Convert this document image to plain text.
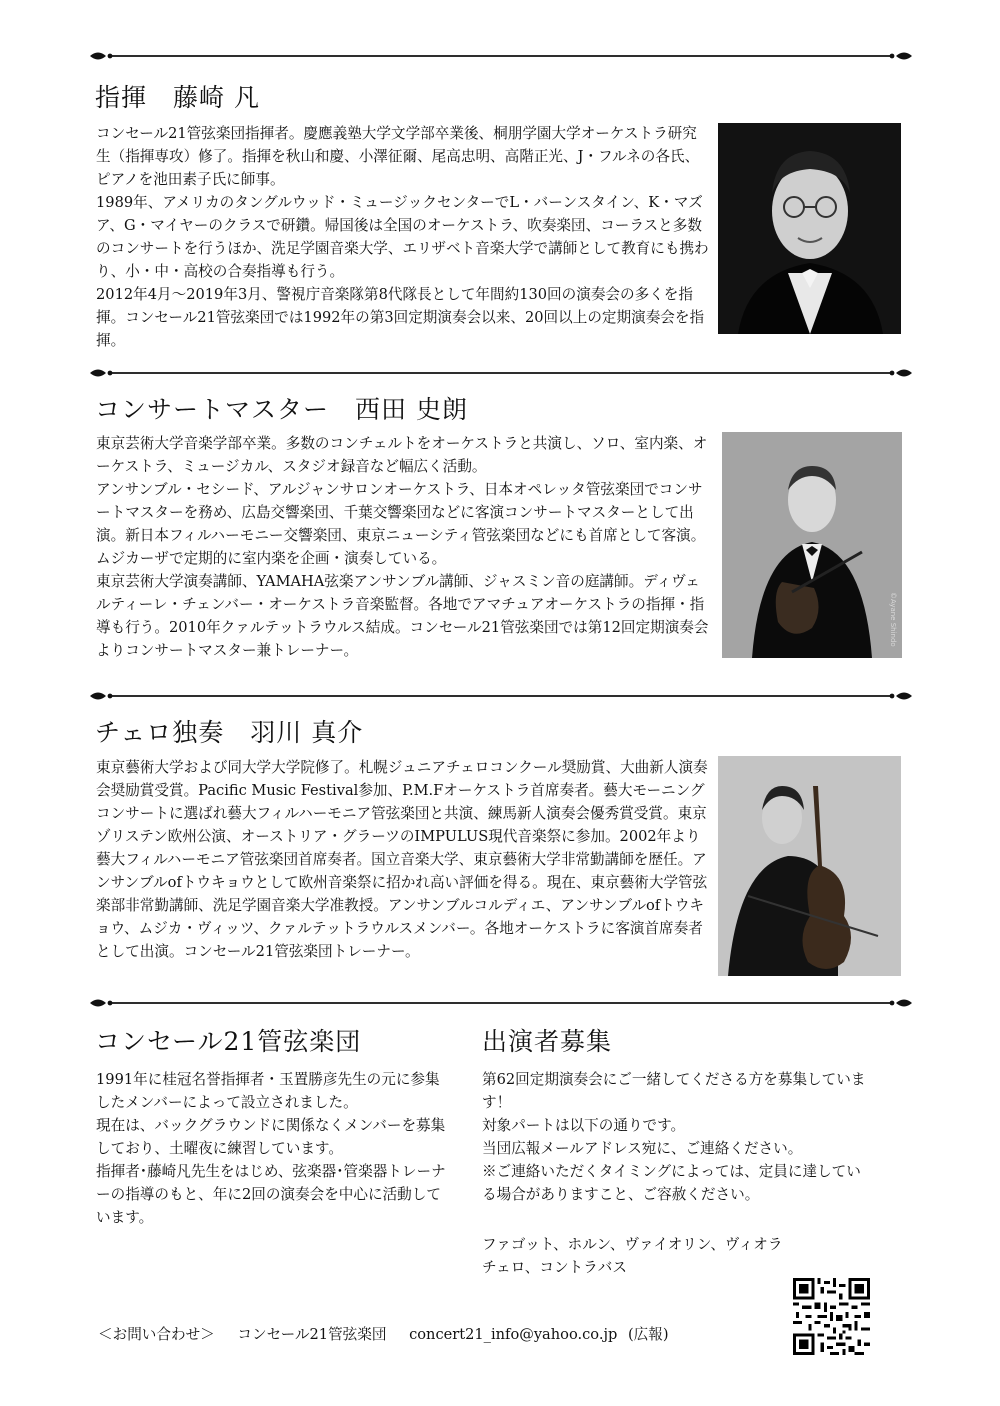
指揮　藤崎 凡

コンセール21管弦楽団指揮者。慶應義塾大学文学部卒業後、桐朋学園大学オーケストラ研究生（指揮専攻）修了。指揮を秋山和慶、小澤征爾、尾高忠明、高階正光、J・フルネの各氏、ピアノを池田素子氏に師事。

1989年、アメリカのタングルウッド・ミュージックセンターでL・バーンスタイン、K・マズア、G・マイヤーのクラスで研鑽。帰国後は全国のオーケストラ、吹奏楽団、コーラスと多数のコンサートを行うほか、洗足学園音楽大学、エリザベト音楽大学で講師として教育にも携わり、小・中・高校の合奏指導も行う。

2012年4月～2019年3月、警視庁音楽隊第8代隊長として年間約130回の演奏会の多くを指揮。コンセール21管弦楽団では1992年の第3回定期演奏会以来、20回以上の定期演奏会を指揮。

コンサートマスター　西田 史朗

東京芸術大学音楽学部卒業。多数のコンチェルトをオーケストラと共演し、ソロ、室内楽、オーケストラ、ミュージカル、スタジオ録音など幅広く活動。

アンサンブル・セシード、アルジャンサロンオーケストラ、日本オペレッタ管弦楽団でコンサートマスターを務め、広島交響楽団、千葉交響楽団などに客演コンサートマスターとして出演。新日本フィルハーモニー交響楽団、東京ニューシティ管弦楽団などにも首席として客演。ムジカーザで定期的に室内楽を企画・演奏している。

東京芸術大学演奏講師、YAMAHA弦楽アンサンブル講師、ジャスミン音の庭講師。ディヴェルティーレ・チェンバー・オーケストラ音楽監督。各地でアマチュアオーケストラの指揮・指導も行う。2010年クァルテットラウルス結成。コンセール21管弦楽団では第12回定期演奏会よりコンサートマスター兼トレーナー。

©Ayane Shindo
チェロ独奏　羽川 真介

東京藝術大学および同大学大学院修了。札幌ジュニアチェロコンクール奨励賞、大曲新人演奏会奨励賞受賞。Pacific Music Festival参加、P.M.Fオーケストラ首席奏者。藝大モーニングコンサートに選ばれ藝大フィルハーモニア管弦楽団と共演、練馬新人演奏会優秀賞受賞。東京ゾリステン欧州公演、オーストリア・グラーツのIMPULUS現代音楽祭に参加。2002年より藝大フィルハーモニア管弦楽団首席奏者。国立音楽大学、東京藝術大学非常勤講師を歴任。アンサンブルofトウキョウとして欧州音楽祭に招かれ高い評価を得る。現在、東京藝術大学管弦楽部非常勤講師、洗足学園音楽大学准教授。アンサンブルコルディエ、アンサンブルofトウキョウ、ムジカ・ヴィッツ、クァルテットラウルスメンバー。各地オーケストラに客演首席奏者として出演。コンセール21管弦楽団トレーナー。

コンセール21管弦楽団

1991年に桂冠名誉指揮者・玉置勝彦先生の元に参集したメンバーによって設立されました。

現在は、バックグラウンドに関係なくメンバーを募集しており、土曜夜に練習しています。

指揮者･藤崎凡先生をはじめ、弦楽器･管楽器トレーナーの指導のもと、年に2回の演奏会を中心に活動しています。

出演者募集

第62回定期演奏会にご一緒してくださる方を募集しています！

対象パートは以下の通りです。

当団広報メールアドレス宛に、ご連絡ください。

※ご連絡いただくタイミングによっては、定員に達している場合がありますこと、ご容赦ください。

ファゴット、ホルン、ヴァイオリン、ヴィオラ
チェロ、コントラバス
＜お問い合わせ＞ コンセール21管弦楽団 concert21_info@yahoo.co.jp (広報)
